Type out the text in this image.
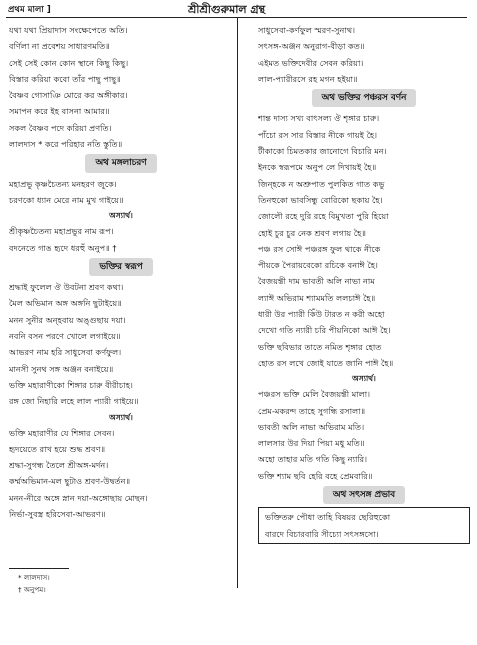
প্রথম মালা ]	শ্রীশ্রীগুরুমাল গ্রন্থ
যথা যথা প্রিয়াদাস সংক্ষেপেতে অতি।
বর্ণিলা না প্রবেশয় সাধারণমতি॥
সেই সেই কোন কোন স্থানে কিছু কিছু।
বিস্তার করিয়া কবো তাঁর পাছু পাছু॥
বৈষ্ণব গোসাঞি মোরে কর অঙ্গীকার।
সমাপন করে ইহ বাসনা আমার॥
সকল বৈষ্ণব পদে করিয়া প্রণতি।
লালদাস * করে পরিহার নতি স্তুতি॥
অথ মঙ্গলাচরণ
মহাপ্রভু কৃষ্ণচৈতন্য মনহরণ জুকে।
চরণকো ধ্যান মেরে নাম মুখ গাইয়ে॥
অস্যার্থ।
শ্রীকৃষ্ণচৈতন্য মহাপ্রভুর নাম রূপ।
বদনেতে গাঙ হৃদে ধরহুঁ অনুপ॥ †
ভক্তির স্বরূপ
শ্রদ্ধাই ফুলেল ঔ উবটনা শ্রবণ কথা।
মৈল অভিমান অঙ্গ অঙ্গনি ছুটাইয়ে॥
মনন সুনীর অন্হবায় অঙ্গুছায় দয়া।
নবনি বসন পরণে খোলে লগাইয়ে॥
আভরণ নাম হরি সাধুসেবা কর্ণফুল।
মানসী সুনথ সঙ্গ অঞ্জন বনাইয়ে॥
ভক্তি মহারাণীকো শিঙ্গার চারু বীরীচাহ।
রঙ্গ জো নিহারি লহে লাল প্যারী গাইয়ে॥
অস্যার্থ।
ভক্তি মহারাণীর যে শিঙ্গার সেবন।
হৃদয়েতে রাখ হয়ে শুদ্ধ শ্রবণ॥
শ্রদ্ধা-সুগন্ধ তৈলে শ্রীঅঙ্গ-মর্দন।
কর্ম্মঅভিমান-মল ছুটাও শ্রবণ-উদ্বর্তন॥
মনন-নীরে অঙ্গে স্নান দয়া-অঙ্গোছায় মোছন।
নির্ভা-সুবস্ত্র হরিসেবা-আভরণ॥
* লালদাস।
† অনুপম।
সাধুসেবা-কর্ণফুল স্মরণ-সুনাথ।
সৎসঙ্গ-অঞ্জন অনুরাগ-বীড়া কত॥
এইমত ভক্তিদেবীর সেবন করিয়া।
লাল-প্যারীরসে রহ মগন হইয়া॥
অথ ভক্তির পঞ্চরস বর্ণন
শান্ত দাস্য সখ্য বাৎসল্য ঔ শৃঙ্গার চারু।
পাঁচো রস সার বিস্তার নীকে গায়ই হৈ।
টীকাকো চিমতকার জানোগে বিচারি মন।
ইনকে স্বরূপমে অনুপ লে দিখায়ই হৈ॥
জিন্হকে ন অশ্রুপাত পুলকিত গাত কভু
তিনহুকো ভাবসিন্ধু বোরিকো ছকায় হৈ।
জোলৌ রহে দুরি রহে বিমুখতা পুরি হিয়ো
হোই চুর চুর নেক শ্রবণ লগায় হৈ॥
পঞ্চ রস সোঈ পঞ্চরঙ্গ ফুল থাকে নীকে
পীয়কে পৈরায়বেকো রচিকে বনাঈ হৈ।
বৈজয়ন্তী দাম ভাবতী অলি নাভা নাম
ল্যাঈ অভিরাম শ্যামমতি ললচাঈ হৈ॥
ধারী উর প্যারী কিঁউ টারত ন করী অহো
দেখো গতি ন্যারী চরি পীয়নিকো আঈ হৈ।
ভক্তি ছবিভার তাতে নমিত শৃঙ্গার হোত
হোত রস লখে জোই যাতে জানি পাঈ হৈ॥
অস্যার্থ।
পঞ্চরস ভক্তি মেলি বৈজয়ন্তী মালা।
প্রেম-মকরন্দ তাহে সুগন্ধি রসালা॥
ভাবতী অলি নাভা অভিরাম মতি।
লালসার উর দিয়া পিয়া মধু মতি॥
অহো তাহার মতি গতি কিছু ন্যারি।
ভক্তি শ্যাম ছবি হেরি বহে প্রেমবারি॥
অথ সৎসঙ্গ প্রভাব
ভক্তিতরু পৌধা তাহি বিষয়র ছেরিহুকো
বারদে বিচারবারি সীচ্যো সৎসঙ্গসো।
